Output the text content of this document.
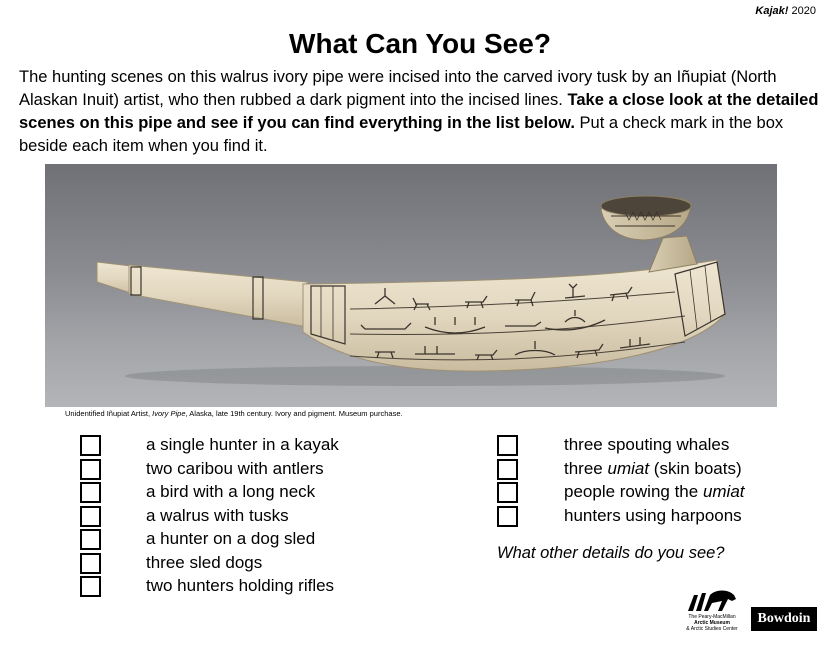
Kajak! 2020
What Can You See?

The hunting scenes on this walrus ivory pipe were incised into the carved ivory tusk by an Iñupiat (North Alaskan Inuit) artist, who then rubbed a dark pigment into the incised lines. Take a close look at the detailed scenes on this pipe and see if you can find everything in the list below. Put a check mark in the box beside each item when you find it.

Unidentified Iñupiat Artist, Ivory Pipe, Alaska, late 19th century. Ivory and pigment. Museum purchase.
a single hunter in a kayak
two caribou with antlers
a bird with a long neck
a walrus with tusks
a hunter on a dog sled
three sled dogs
two hunters holding rifles
three spouting whales
three umiat (skin boats)
people rowing the umiat
hunters using harpoons
What other details do you see?
The Peary-MacMillan
Arctic Museum
& Arctic Studies Center
Bowdoin
